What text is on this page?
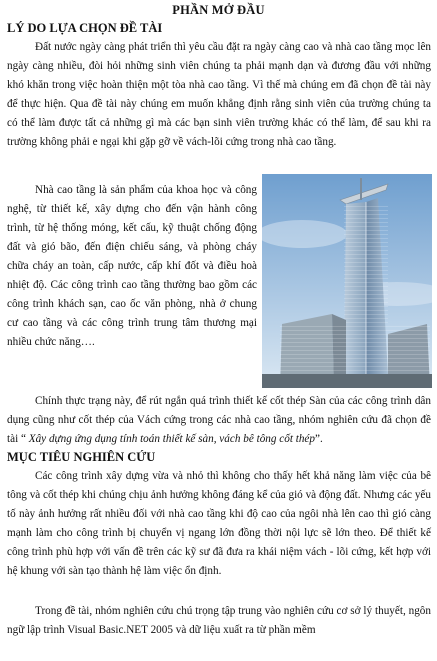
PHẦN MỞ ĐẦU
LÝ DO LỰA CHỌN ĐỀ TÀI
Đất nước ngày càng phát triển thì yêu cầu đặt ra ngày càng cao và nhà cao tầng mọc lên ngày càng nhiều, đòi hỏi những sinh viên chúng ta phải mạnh dạn và đương đầu với những khó khăn trong việc hoàn thiện một tòa nhà cao tầng. Vì thế mà chúng em đã chọn đề tài này để thực hiện. Qua đề tài này chúng em muốn khẳng định rằng sinh viên của trường chúng ta có thể làm được tất cả những gì mà các bạn sinh viên trường khác có thể làm, để sau khi ra trường không phải e ngại khi gặp gỡ về vách-lõi cứng trong nhà cao tầng.
Nhà cao tầng là sản phẩm của khoa học và công nghệ, từ thiết kế, xây dựng cho đến vận hành công trình, từ hệ thống móng, kết cấu, kỹ thuật chống động đất và gió bão, đến điện chiếu sáng, và phòng cháy chữa cháy an toàn, cấp nước, cấp khí đốt và điều hoà nhiệt độ. Các công trình cao tầng thường bao gồm các công trình khách sạn, cao ốc văn phòng, nhà ở chung cư cao tầng và các công trình trung tâm thương mại nhiều chức năng….
Chính thực trạng này, để rút ngắn quá trình thiết kế cốt thép Sàn của các công trình dân dụng cũng như cốt thép của Vách cứng trong các nhà cao tầng, nhóm nghiên cứu đã chọn đề tài “ Xây dựng ứng dụng tính toán thiết kế sàn, vách bê tông cốt thép”.
MỤC TIÊU NGHIÊN CỨU
Các công trình xây dựng vừa và nhỏ thì không cho thấy hết khả năng làm việc của bê tông và cốt thép khi chúng chịu ảnh hưởng không đáng kể của gió và động đất. Nhưng các yếu tố này ảnh hưởng rất nhiều đối với nhà cao tầng khi độ cao của ngôi nhà lên cao thì gió càng mạnh làm cho công trình bị chuyển vị ngang lớn đồng thời nội lực sẽ lớn theo. Để thiết kế công trình phù hợp với vấn đề trên các kỹ sư đã đưa ra khái niệm vách - lõi cứng, kết hợp với hệ khung với sàn tạo thành hệ làm việc ổn định.
Trong đề tài, nhóm nghiên cứu chú trọng tập trung vào nghiên cứu cơ sở lý thuyết, ngôn ngữ lập trình Visual Basic.NET 2005 và dữ liệu xuất ra từ phần mềm
